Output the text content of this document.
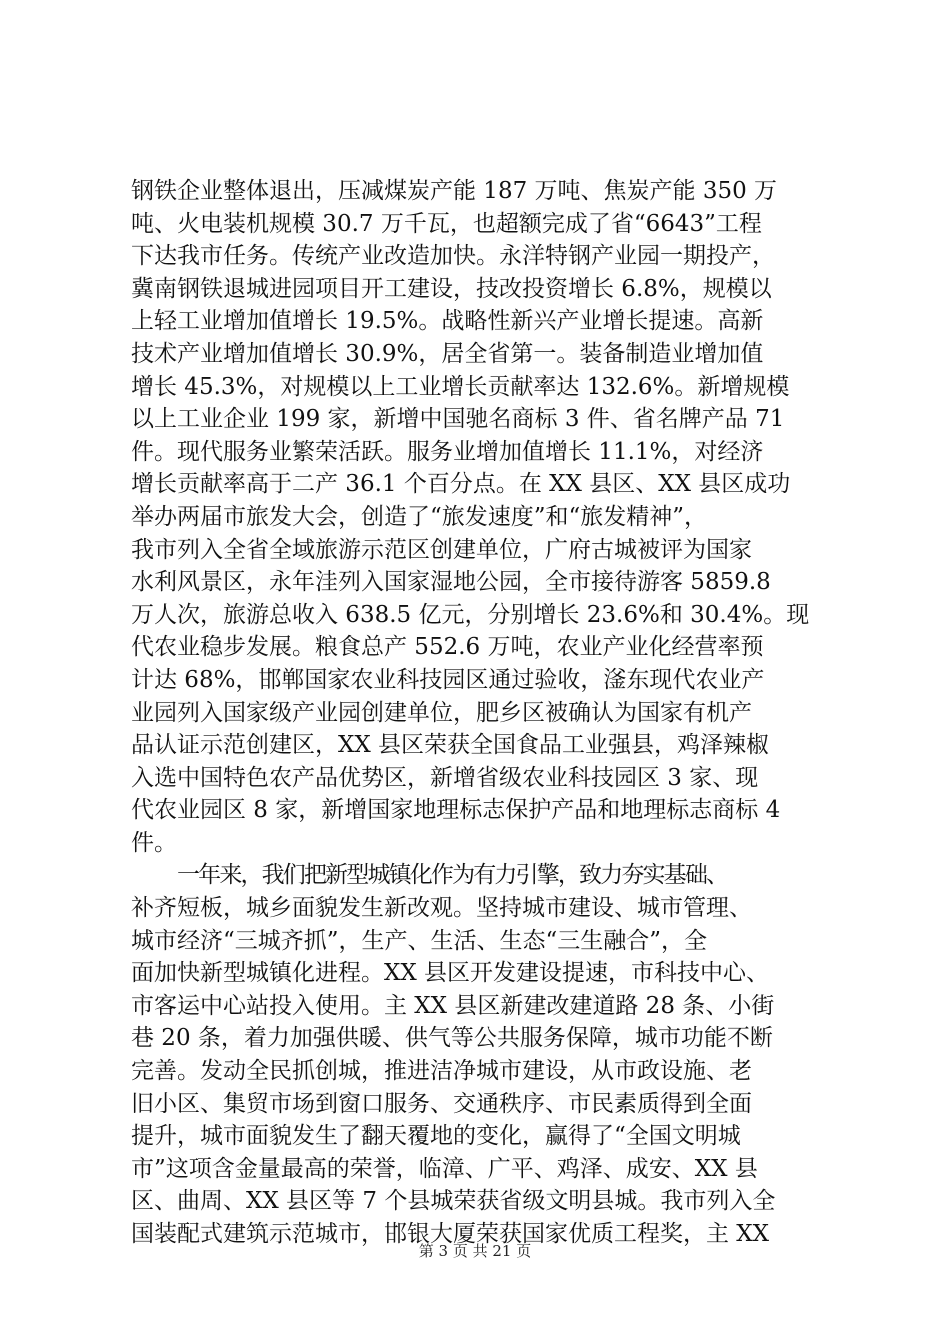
钢铁企业整体退出，压减煤炭产能 187 万吨、焦炭产能 350 万
吨、火电装机规模 30.7 万千瓦，也超额完成了省“6643”工程
下达我市任务。传统产业改造加快。永洋特钢产业园一期投产，
冀南钢铁退城进园项目开工建设，技改投资增长 6.8%，规模以
上轻工业增加值增长 19.5%。战略性新兴产业增长提速。高新
技术产业增加值增长 30.9%，居全省第一。装备制造业增加值
增长 45.3%，对规模以上工业增长贡献率达 132.6%。新增规模
以上工业企业 199 家，新增中国驰名商标 3 件、省名牌产品 71
件。现代服务业繁荣活跃。服务业增加值增长 11.1%，对经济
增长贡献率高于二产 36.1 个百分点。在 XX 县区、XX 县区成功
举办两届市旅发大会，创造了“旅发速度”和“旅发精神”，
我市列入全省全域旅游示范区创建单位，广府古城被评为国家
水利风景区，永年洼列入国家湿地公园，全市接待游客 5859.8
万人次，旅游总收入 638.5 亿元，分别增长 23.6%和 30.4%。现
代农业稳步发展。粮食总产 552.6 万吨，农业产业化经营率预
计达 68%，邯郸国家农业科技园区通过验收，滏东现代农业产
业园列入国家级产业园创建单位，肥乡区被确认为国家有机产
品认证示范创建区，XX 县区荣获全国食品工业强县，鸡泽辣椒
入选中国特色农产品优势区，新增省级农业科技园区 3 家、现
代农业园区 8 家，新增国家地理标志保护产品和地理标志商标 4
件。
一年来，我们把新型城镇化作为有力引擎，致力夯实基础、
补齐短板，城乡面貌发生新改观。坚持城市建设、城市管理、
城市经济“三城齐抓”，生产、生活、生态“三生融合”，全
面加快新型城镇化进程。XX 县区开发建设提速，市科技中心、
市客运中心站投入使用。主 XX 县区新建改建道路 28 条、小街
巷 20 条，着力加强供暖、供气等公共服务保障，城市功能不断
完善。发动全民抓创城，推进洁净城市建设，从市政设施、老
旧小区、集贸市场到窗口服务、交通秩序、市民素质得到全面
提升，城市面貌发生了翻天覆地的变化，赢得了“全国文明城
市”这项含金量最高的荣誉，临漳、广平、鸡泽、成安、XX 县
区、曲周、XX 县区等 7 个县城荣获省级文明县城。我市列入全
国装配式建筑示范城市，邯银大厦荣获国家优质工程奖，主 XX
第 3 页 共 21 页
